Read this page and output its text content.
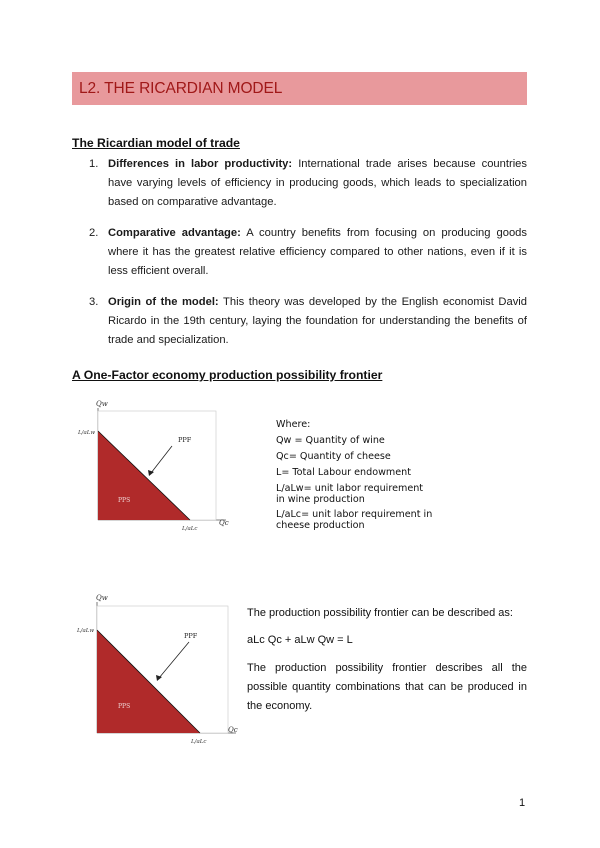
L2. THE RICARDIAN MODEL
The Ricardian model of trade
1. Differences in labor productivity: International trade arises because countries have varying levels of efficiency in producing goods, which leads to specialization based on comparative advantage.
2. Comparative advantage: A country benefits from focusing on producing goods where it has the greatest relative efficiency compared to other nations, even if it is less efficient overall.
3. Origin of the model: This theory was developed by the English economist David Ricardo in the 19th century, laying the foundation for understanding the benefits of trade and specialization.
A One-Factor economy production possibility frontier
Qw
PPF
PPS
L/aLw
L/aLc
Qc
Where:
Qw = Quantity of wine
Qc= Quantity of cheese
L= Total Labour endowment
L/aLw= unit labor requirement
in wine production
L/aLc= unit labor requirement in
cheese production
Qw
PPF
PPS
L/aLw
L/aLc
Qc
The production possibility frontier can be described as:
aLc Qc + aLw Qw = L
The production possibility frontier describes all the possible quantity combinations that can be produced in the economy.
1
